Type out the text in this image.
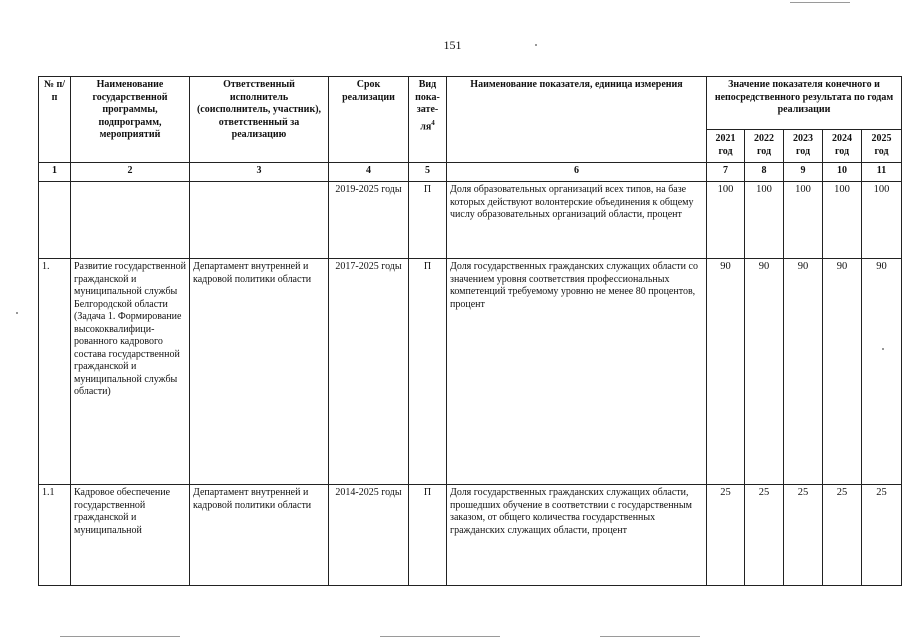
151
№ п/п	Наименование государственной программы, подпрограмм, мероприятий	Ответственный исполнитель (соисполнитель, участник), ответственный за реализацию	Срок реализации	Вид пока-$зате-ля^4$	Наименование показателя, единица измерения	Значение показателя конечного и непосредственного результата по годам реализации				
						2021 год	2022 год	2023 год	2024 год	2025 год
1	2	3	4	5	6	7	8	9	10	11
			2019-2025 годы	П	Доля образовательных организаций всех типов, на базе которых действуют волонтерские объединения к общему числу образовательных организаций области, процент	100	100	100	100	100
1.	Развитие государственной гражданской и муниципальной службы Белгородской области (Задача 1. Формирование высококвалифици-рованного кадрового состава государственной гражданской и муниципальной службы области)	Департамент внутренней и кадровой политики области	2017-2025 годы	П	Доля государственных гражданских служащих области со значением уровня соответствия профессиональных компетенций требуемому уровню не менее 80 процентов, процент	90	90	90	90	90
1.1	Кадровое обеспечение государственной гражданской и муниципальной	Департамент внутренней и кадровой политики области	2014-2025 годы	П	Доля государственных гражданских служащих области, прошедших обучение в соответствии с государственным заказом, от общего количества государственных гражданских служащих области, процент	25	25	25	25	25
